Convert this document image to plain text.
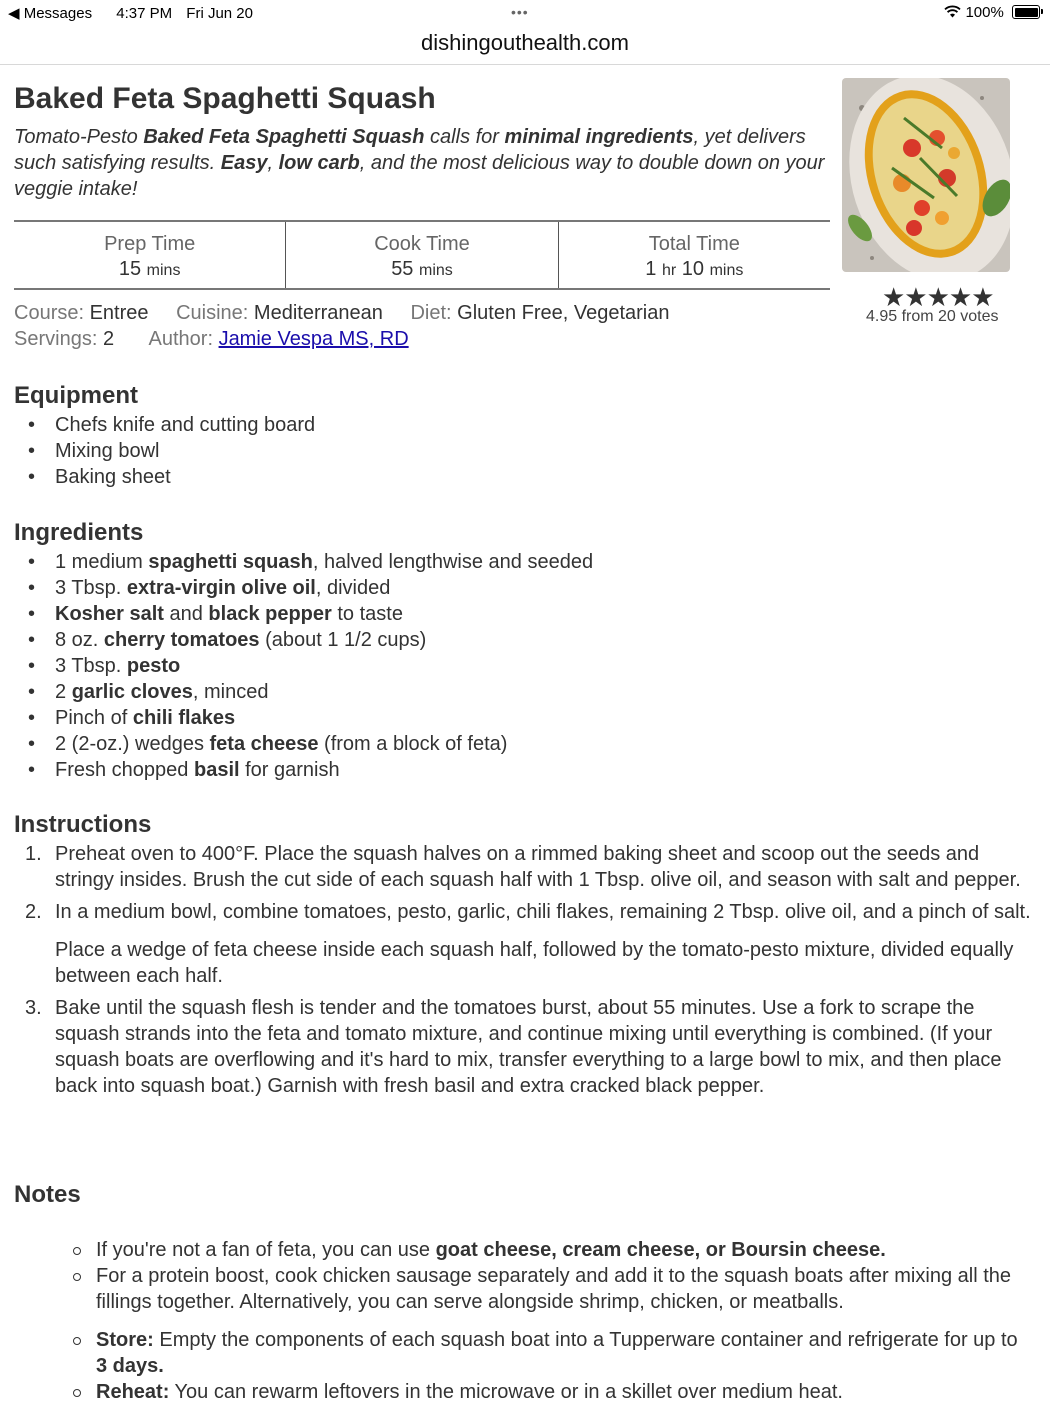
◀ Messages 4:37 PM Fri Jun 20	•••	100%
dishingouthealth.com
Baked Feta Spaghetti Squash

Tomato-Pesto Baked Feta Spaghetti Squash calls for minimal ingredients, yet delivers such satisfying results. Easy, low carb, and the most delicious way to double down on your veggie intake!

★★★★★
4.95 from 20 votes
Prep Time
15 mins
Cook Time
55 mins
Total Time
1 hr 10 mins
Course: Entree Cuisine: Mediterranean Diet: Gluten Free, Vegetarian
Servings: 2 Author: Jamie Vespa MS, RD
Equipment
• Chefs knife and cutting board
• Mixing bowl
• Baking sheet
Ingredients
• 1 medium spaghetti squash, halved lengthwise and seeded
• 3 Tbsp. extra-virgin olive oil, divided
• Kosher salt and black pepper to taste
• 8 oz. cherry tomatoes (about 1 1/2 cups)
• 3 Tbsp. pesto
• 2 garlic cloves, minced
• Pinch of chili flakes
• 2 (2-oz.) wedges feta cheese (from a block of feta)
• Fresh chopped basil for garnish
Instructions
1. Preheat oven to 400°F. Place the squash halves on a rimmed baking sheet and scoop out the seeds and stringy insides. Brush the cut side of each squash half with 1 Tbsp. olive oil, and season with salt and pepper.

2. In a medium bowl, combine tomatoes, pesto, garlic, chili flakes, remaining 2 Tbsp. olive oil, and a pinch of salt.

Place a wedge of feta cheese inside each squash half, followed by the tomato-pesto mixture, divided equally between each half.

3. Bake until the squash flesh is tender and the tomatoes burst, about 55 minutes. Use a fork to scrape the squash strands into the feta and tomato mixture, and continue mixing until everything is combined. (If your squash boats are overflowing and it's hard to mix, transfer everything to a large bowl to mix, and then place back into squash boat.) Garnish with fresh basil and extra cracked black pepper.

Notes
If you're not a fan of feta, you can use goat cheese, cream cheese, or Boursin cheese.
For a protein boost, cook chicken sausage separately and add it to the squash boats after mixing all the fillings together. Alternatively, you can serve alongside shrimp, chicken, or meatballs.
Store: Empty the components of each squash boat into a Tupperware container and refrigerate for up to 3 days.
Reheat: You can rewarm leftovers in the microwave or in a skillet over medium heat.
